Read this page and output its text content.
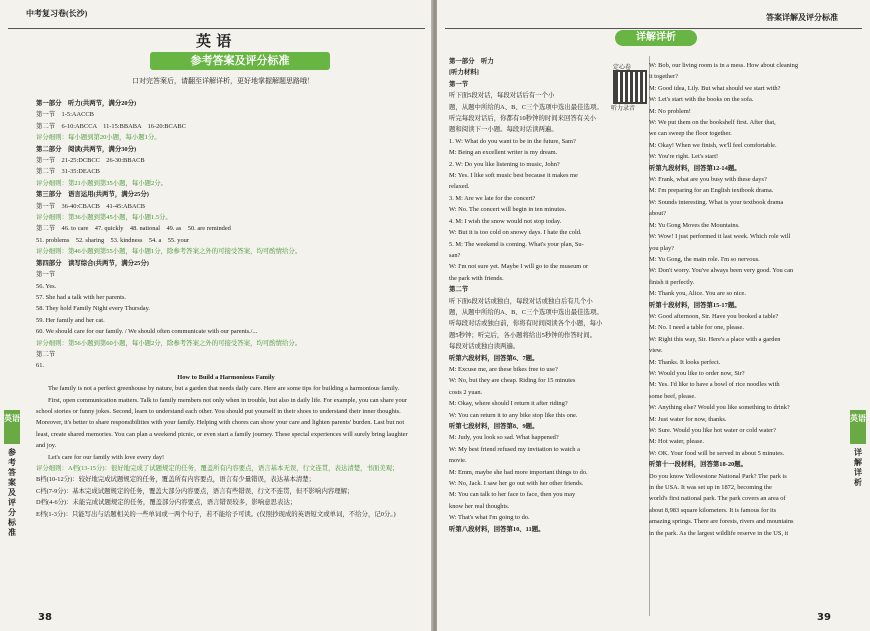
中考复习卷(长沙)
英 语
参考答案及评分标准
口对完答案后，请翻至详解详析，更好地掌握解题思路哦！
第一部分　听力(共两节，满分20分)
第一节　1-5:AACCB
第二节　6-10:ABCCA　11-15:BBABA　16-20:BCABC
评分细则：每小题到第20小题，每小题1分。
第二部分　阅读(共两节，满分30分)
第一节　21-25:DCBCC　26-30:BBACB
第二节　31-35:DEACB
评分细则：第21小题到第35小题，每小题2分。
第三部分　语言运用(共两节，满分25分)
第一节　36-40:CBACB　41-45:ABACB
评分细则：第36小题到第45小题，每小题1.5分。
第二节　46. to care　47. quickly　48. national　49. as　50. are reminded
51. problems　52. sharing　53. kindness　54. a　55. your
评分细则：第46小题到第55小题，每小题1分，除参考答案之外的可接受答案，均可酌情给分。
第四部分　读写综合(共两节，满分25分)
第一节
56. Yes.
57. She had a talk with her parents.
58. They hold Family Night every Thursday.
59. Her family and her cat.
60. We should care for our family. / We should often communicate with our parents./...
评分细则：第56小题到第60小题，每小题2分，除参考答案之外的可接受答案，均可酌情给分。
第二节
61.
How to Build a Harmonious Family
The family is not a perfect greenhouse by nature, but a garden that needs daily care. Here are some tips for building a harmonious family.
First, open communication matters. Talk to family members not only when in trouble, but also in daily life. For example, you can share your school stories or funny jokes. Second, learn to understand each other. You should put yourself in their shoes to understand their inner thoughts. Moreover, it's better to share responsibilities with your family. Helping with chores can show your care and lighten parents' burden. Last but not least, create shared memories. You can plan a weekend picnic, or even start a family journey. These special experiences will surely bring laughter and joy.
Let's care for our family with love every day!
评分细则：A档(13-15分)：很好地完成了试题规定的任务，覆盖所有内容要点，语言基本无误，行文连贯，表达清楚，书面美观；
B档(10-12分)：较好地完成试题规定的任务，覆盖所有内容要点，语言有少量错误，表达基本清楚；
C档(7-9分)：基本完成试题规定的任务，覆盖大部分内容要点，语言有些错误，行文不连贯，但不影响内容理解；
D档(4-6分)：未能完成试题规定的任务，覆盖部分内容要点，语言错误较多，影响意思表达；
E档(1-3分)：只能写出与话题相关的一些单词或一两个句子，若不能给予可读。(仅照抄现成的英语短文或单词，不给分，记0分。)
英语
参考答案及评分标准
38
答案详解及评分标准
详解详析
定心卷
听力录音
第一部分　听力
[听力材料]
第一节
听下面5段对话，每段对话后有一个小
题，从题中所给的A、B、C三个选项中选出最佳选项。
听完每段对话后，你都有10秒钟的时间来回答有关小
题和阅读下一小题。每段对话读两遍。
1. W: What do you want to be in the future, Sam?
M: Being an excellent writer is my dream.
2. W: Do you like listening to music, John?
M: Yes. I like soft music best because it makes me
relaxed.
3. M: Are we late for the concert?
W: No. The concert will begin in ten minutes.
4. M: I wish the snow would not stop today.
W: But it is too cold on snowy days. I hate the cold.
5. M: The weekend is coming. What's your plan, Su-
san?
W: I'm not sure yet. Maybe I will go to the museum or
the park with friends.
第二节
听下面6段对话或独白，每段对话或独白后有几个小
题，从题中所给的A、B、C三个选项中选出最佳选项。
听每段对话或独白前，你将有时间阅读各个小题，每小
题5秒钟；听完后，各小题将给出5秒钟的作答时间。
每段对话或独白读两遍。
听第六段材料，回答第6、7题。
M: Excuse me, are these bikes free to use?
W: No, but they are cheap. Riding for 15 minutes
costs 2 yuan.
M: Okay, where should I return it after riding?
W: You can return it to any bike stop like this one.
听第七段材料，回答第8、9题。
M: Judy, you look so sad. What happened?
W: My best friend refused my invitation to watch a
movie.
M: Emm, maybe she had more important things to do.
W: No, Jack. I saw her go out with her other friends.
M: You can talk to her face to face, then you may
know her real thoughts.
W: That's what I'm going to do.
听第八段材料，回答第10、11题。
W: Bob, our living room is in a mess. How about cleaning
it together?
M: Good idea, Lily. But what should we start with?
W: Let's start with the books on the sofa.
M: No problem!
W: We put them on the bookshelf first. After that,
we can sweep the floor together.
M: Okay! When we finish, we'll feel comfortable.
W: You're right. Let's start!
听第九段材料，回答第12-14题。
W: Frank, what are you busy with these days?
M: I'm preparing for an English textbook drama.
W: Sounds interesting. What is your textbook drama
about?
M: Yu Gong Moves the Mountains.
W: Wow! I just performed it last week. Which role will
you play?
M: Yu Gong, the main role. I'm so nervous.
W: Don't worry. You've always been very good. You can
finish it perfectly.
M: Thank you, Alice. You are so nice.
听第十段材料，回答第15-17题。
W: Good afternoon, Sir. Have you booked a table?
M: No. I need a table for one, please.
W: Right this way, Sir. Here's a place with a garden
view.
M: Thanks. It looks perfect.
W: Would you like to order now, Sir?
M: Yes. I'd like to have a bowl of rice noodles with
some beef, please.
W: Anything else? Would you like something to drink?
M: Just water for now, thanks.
W: Sure. Would you like hot water or cold water?
M: Hot water, please.
W: OK. Your food will be served in about 5 minutes.
听第十一段材料，回答第18-20题。
Do you know Yellowstone National Park? The park is
in the USA. It was set up in 1872, becoming the
world's first national park. The park covers an area of
about 8,983 square kilometers. It is famous for its
amazing springs. There are forests, rivers and mountains
in the park. As the largest wildlife reserve in the US, it
英语
详解详析
39
